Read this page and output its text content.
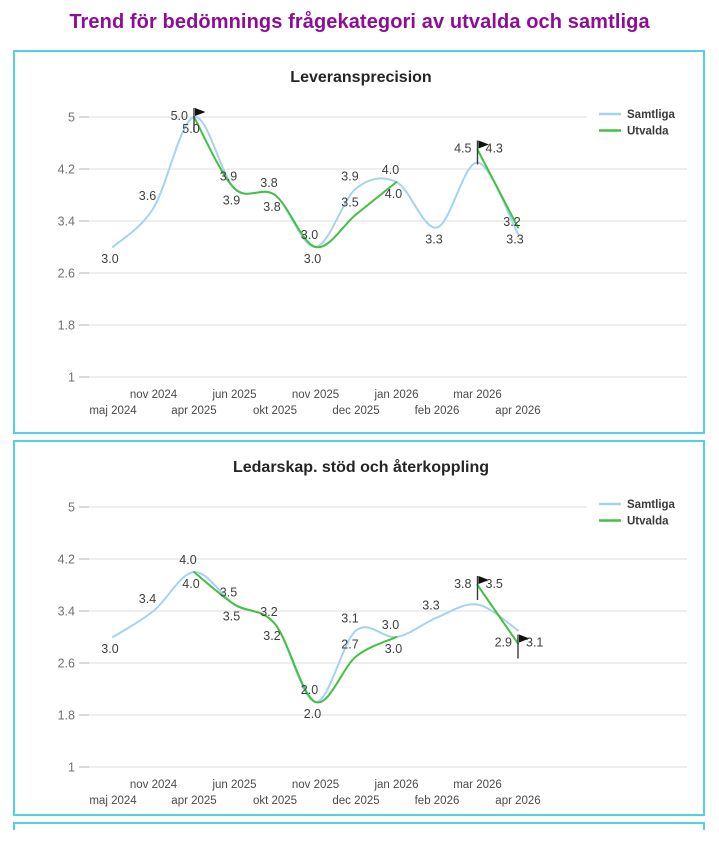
Trend för bedömnings frågekategori av utvalda och samtliga
5
4.2
3.4
2.6
1.8
1
maj 2024
nov 2024
apr 2025
jun 2025
okt 2025
nov 2025
dec 2025
jan 2026
feb 2026
mar 2026
apr 2026
Samtliga
Utvalda
3.0
3.6
5.0
3.9 3.8
3.0
3.9 4.0
3.3
4.3
3.2
5.0
3.9 3.8
3.0
3.5
4.0
4.5
3.3
Leveransprecision
5
4.2
3.4
2.6
1.8
1
maj 2024
nov 2024
apr 2025
jun 2025
okt 2025
nov 2025
dec 2025
jan 2026
feb 2026
mar 2026
apr 2026
Samtliga
Utvalda
3.0
3.4
4.0
3.5
3.2
2.0
3.1 3.0
3.3
3.5
3.1
4.0
3.5
3.2
2.0
2.7 3.0
3.8
2.9
Ledarskap. stöd och återkoppling
